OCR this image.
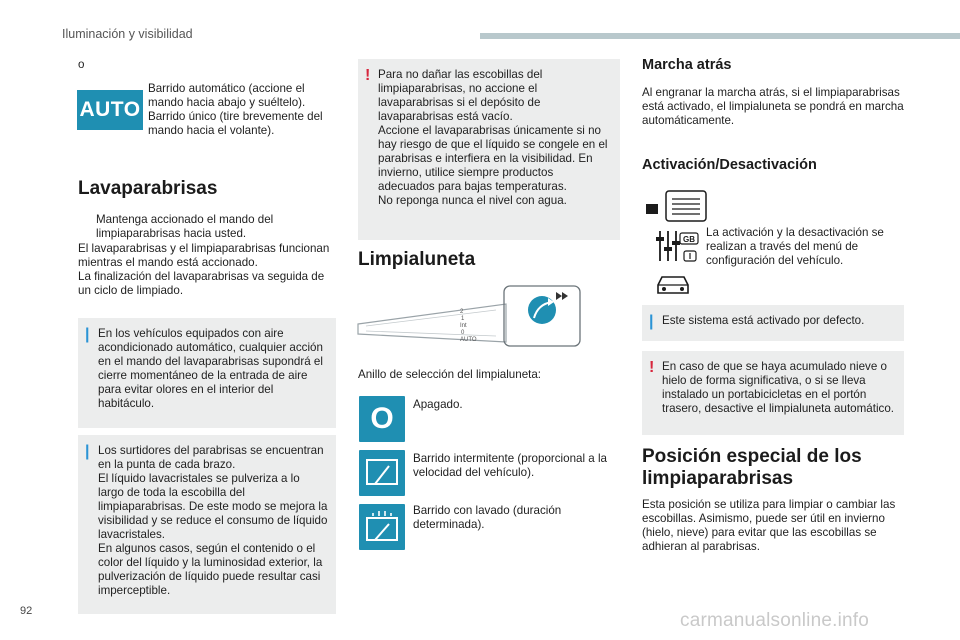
Iluminación y visibilidad
o
AUTO

Barrido automático (accione el mando hacia abajo y suéltelo).
Barrido único (tire brevemente del mando hacia el volante).

Lavaparabrisas

Mantenga accionado el mando del limpiaparabrisas hacia usted.

El lavaparabrisas y el limpiaparabrisas funcionan mientras el mando está accionado.
La finalización del lavaparabrisas va seguida de un ciclo de limpiado.

| En los vehículos equipados con aire acondicionado automático, cualquier acción en el mando del lavaparabrisas supondrá el cierre momentáneo de la entrada de aire para evitar olores en el interior del habitáculo.
| Los surtidores del parabrisas se encuentran en la punta de cada brazo.
El líquido lavacristales se pulveriza a lo largo de toda la escobilla del limpiaparabrisas. De este modo se mejora la visibilidad y se reduce el consumo de líquido lavacristales.
En algunos casos, según el contenido o el color del líquido y la luminosidad exterior, la pulverización de líquido puede resultar casi imperceptible.
! Para no dañar las escobillas del limpiaparabrisas, no accione el lavaparabrisas si el depósito de lavaparabrisas está vacío.
Accione el lavaparabrisas únicamente si no hay riesgo de que el líquido se congele en el parabrisas e interfiera en la visibilidad. En invierno, utilice siempre productos adecuados para bajas temperaturas.
No reponga nunca el nivel con agua.
Limpialuneta
2
1
Int
0
AUTO

Anillo de selección del limpialuneta:

O	Apagado.

Barrido intermitente (proporcional a la velocidad del vehículo).

Barrido con lavado (duración determinada).

Marcha atrás

Al engranar la marcha atrás, si el limpiaparabrisas está activado, el limpialuneta se pondrá en marcha automáticamente.

Activación/Desactivación
GB

La activación y la desactivación se realizan a través del menú de configuración del vehículo.

| Este sistema está activado por defecto.
! En caso de que se haya acumulado nieve o hielo de forma significativa, o si se lleva instalado un portabicicletas en el portón trasero, desactive el limpialuneta automático.
Posición especial de los limpiaparabrisas

Esta posición se utiliza para limpiar o cambiar las escobillas. Asimismo, puede ser útil en invierno (hielo, nieve) para evitar que las escobillas se adhieran al parabrisas.

92	carmanualsonline.info
